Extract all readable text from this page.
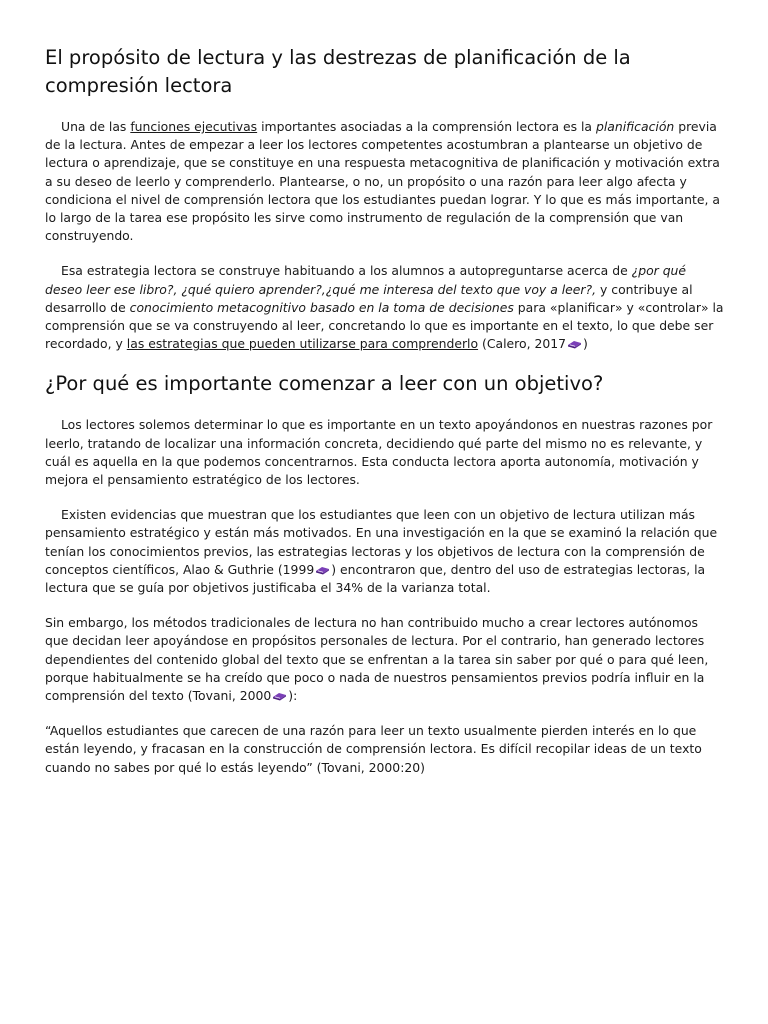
El propósito de lectura y las destrezas de planificación de la compresión lectora

Una de las funciones ejecutivas importantes asociadas a la comprensión lectora es la planificación previa de la lectura. Antes de empezar a leer los lectores competentes acostumbran a plantearse un objetivo de lectura o aprendizaje, que se constituye en una respuesta metacognitiva de planificación y motivación extra a su deseo de leerlo y comprenderlo. Plantearse, o no, un propósito o una razón para leer algo afecta y condiciona el nivel de comprensión lectora que los estudiantes puedan lograr. Y lo que es más importante, a lo largo de la tarea ese propósito les sirve como instrumento de regulación de la comprensión que van construyendo.

Esa estrategia lectora se construye habituando a los alumnos a autopreguntarse acerca de ¿por qué deseo leer ese libro?, ¿qué quiero aprender?,¿qué me interesa del texto que voy a leer?, y contribuye al desarrollo de conocimiento metacognitivo basado en la toma de decisiones para «planificar» y «controlar» la comprensión que se va construyendo al leer, concretando lo que es importante en el texto, lo que debe ser recordado, y las estrategias que pueden utilizarse para comprenderlo (Calero, 2017 )

¿Por qué es importante comenzar a leer con un objetivo?

Los lectores solemos determinar lo que es importante en un texto apoyándonos en nuestras razones por leerlo, tratando de localizar una información concreta, decidiendo qué parte del mismo no es relevante, y cuál es aquella en la que podemos concentrarnos. Esta conducta lectora aporta autonomía, motivación y mejora el pensamiento estratégico de los lectores.

Existen evidencias que muestran que los estudiantes que leen con un objetivo de lectura utilizan más pensamiento estratégico y están más motivados. En una investigación en la que se examinó la relación que tenían los conocimientos previos, las estrategias lectoras y los objetivos de lectura con la comprensión de conceptos científicos, Alao & Guthrie (1999 ) encontraron que, dentro del uso de estrategias lectoras, la lectura que se guía por objetivos justificaba el 34% de la varianza total.

Sin embargo, los métodos tradicionales de lectura no han contribuido mucho a crear lectores autónomos que decidan leer apoyándose en propósitos personales de lectura. Por el contrario, han generado lectores dependientes del contenido global del texto que se enfrentan a la tarea sin saber por qué o para qué leen, porque habitualmente se ha creído que poco o nada de nuestros pensamientos previos podría influir en la comprensión del texto (Tovani, 2000 ):

“Aquellos estudiantes que carecen de una razón para leer un texto usualmente pierden interés en lo que están leyendo, y fracasan en la construcción de comprensión lectora. Es difícil recopilar ideas de un texto cuando no sabes por qué lo estás leyendo” (Tovani, 2000:20)
